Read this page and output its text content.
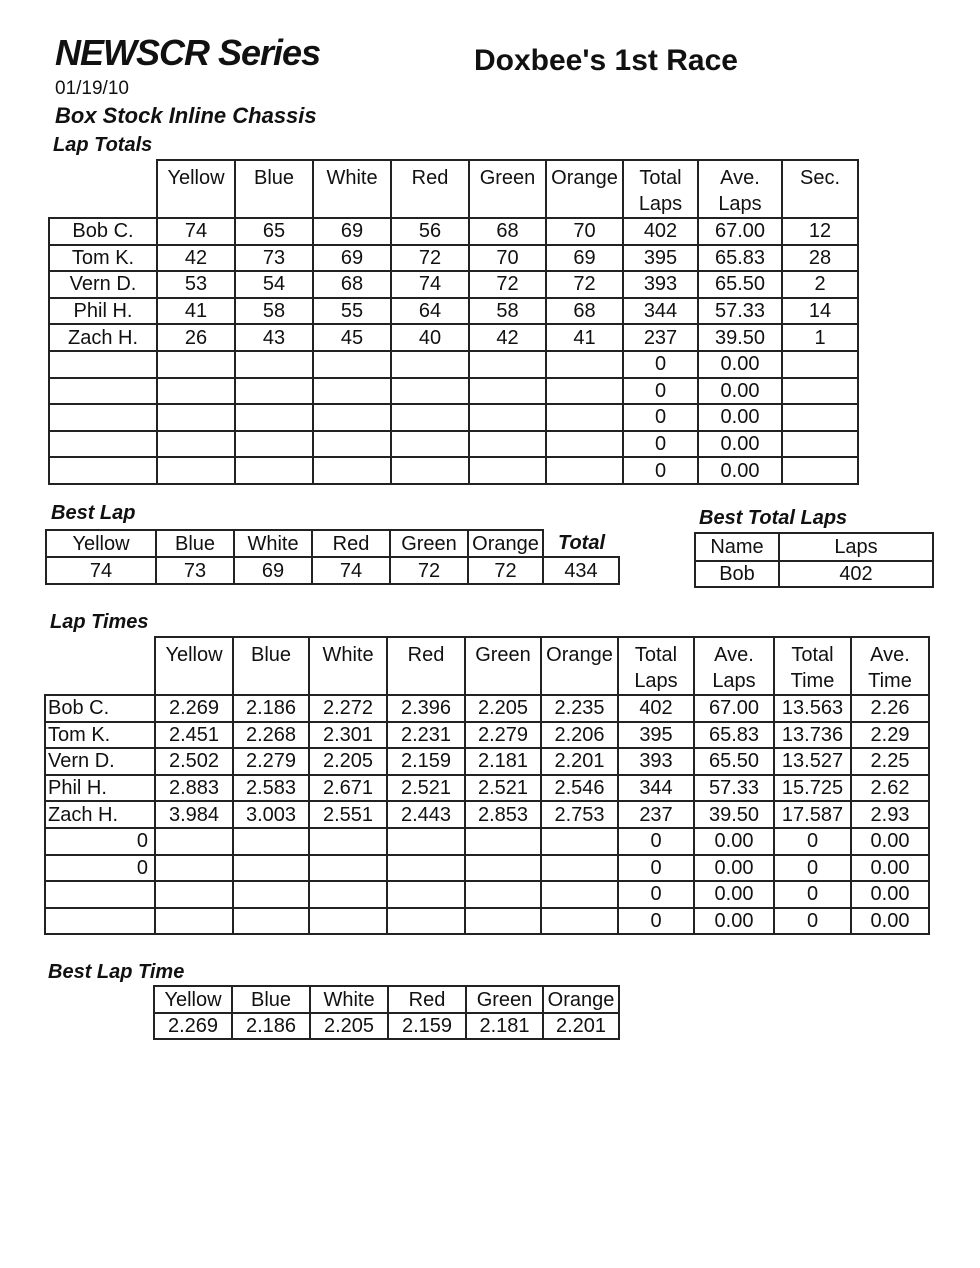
NEWSCR Series	Doxbee's 1st Race
01/19/10
Box Stock Inline Chassis
Lap Totals
	Yellow	Blue	White	Red	Green	Orange	Total Laps	Ave. Laps	Sec.
Bob C.	74	65	69	56	68	70	402	67.00	12
Tom K.	42	73	69	72	70	69	395	65.83	28
Vern D.	53	54	68	74	72	72	393	65.50	2
Phil H.	41	58	55	64	58	68	344	57.33	14
Zach H.	26	43	45	40	42	41	237	39.50	1
							0	0.00	
							0	0.00	
							0	0.00	
							0	0.00	
							0	0.00	
Best Lap
Yellow	Blue	White	Red	Green	Orange	Total
74	73	69	74	72	72	434
Best Total Laps
Name	Laps
Bob	402
Lap Times
	Yellow	Blue	White	Red	Green	Orange	Total Laps	Ave. Laps	Total Time	Ave. Time
Bob C.	2.269	2.186	2.272	2.396	2.205	2.235	402	67.00	13.563	2.26
Tom K.	2.451	2.268	2.301	2.231	2.279	2.206	395	65.83	13.736	2.29
Vern D.	2.502	2.279	2.205	2.159	2.181	2.201	393	65.50	13.527	2.25
Phil H.	2.883	2.583	2.671	2.521	2.521	2.546	344	57.33	15.725	2.62
Zach H.	3.984	3.003	2.551	2.443	2.853	2.753	237	39.50	17.587	2.93
0							0	0.00	0	0.00
0							0	0.00	0	0.00
							0	0.00	0	0.00
							0	0.00	0	0.00
Best Lap Time
Yellow	Blue	White	Red	Green	Orange
2.269	2.186	2.205	2.159	2.181	2.201
